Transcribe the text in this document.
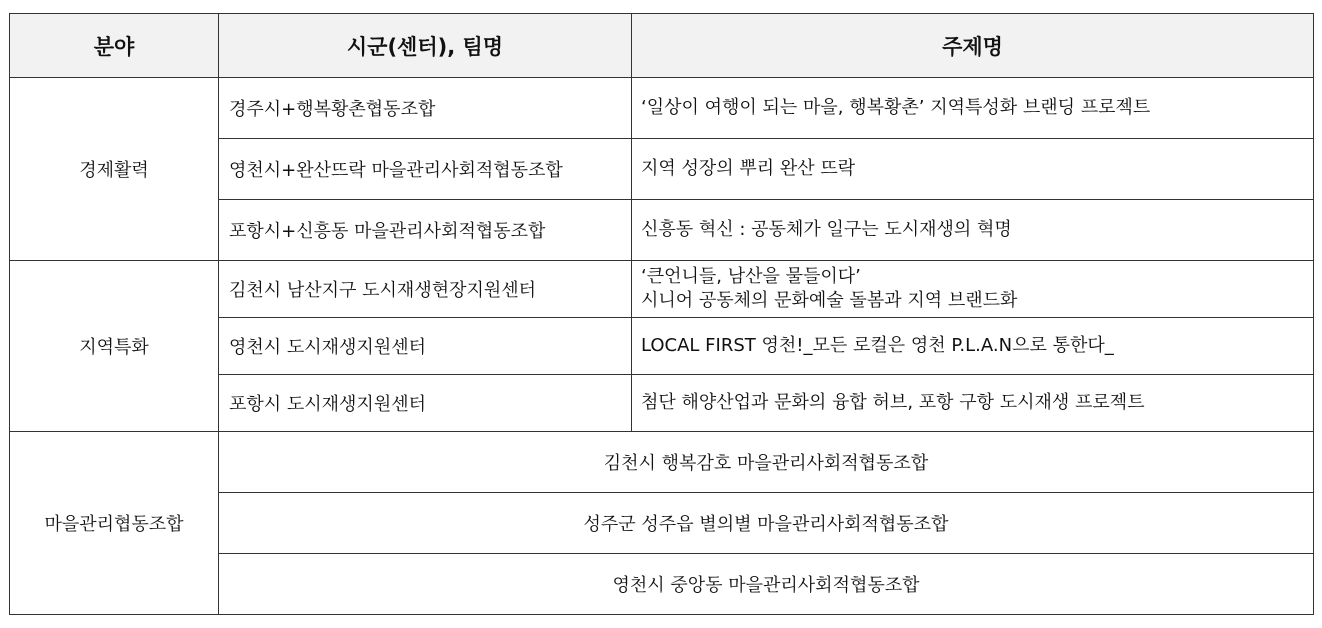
분야	시군(센터), 팀명	주제명
경제활력	경주시+행복황촌협동조합	‘일상이 여행이 되는 마을, 행복황촌’ 지역특성화 브랜딩 프로젝트

	영천시+완산뜨락 마을관리사회적협동조합	지역 성장의 뿌리 완산 뜨락

	포항시+신흥동 마을관리사회적협동조합	신흥동 혁신 : 공동체가 일구는 도시재생의 혁명

지역특화	김천시 남산지구 도시재생현장지원센터	‘큰언니들, 남산을 물들이다’
시니어 공동체의 문화예술 돌봄과 지역 브랜드화

	영천시 도시재생지원센터	LOCAL FIRST 영천!_모든 로컬은 영천 P.L.A.N으로 통한다_

	포항시 도시재생지원센터	첨단 해양산업과 문화의 융합 허브, 포항 구항 도시재생 프로젝트

마을관리협동조합	김천시 행복감호 마을관리사회적협동조합	
	성주군 성주읍 별의별 마을관리사회적협동조합	
	영천시 중앙동 마을관리사회적협동조합	
